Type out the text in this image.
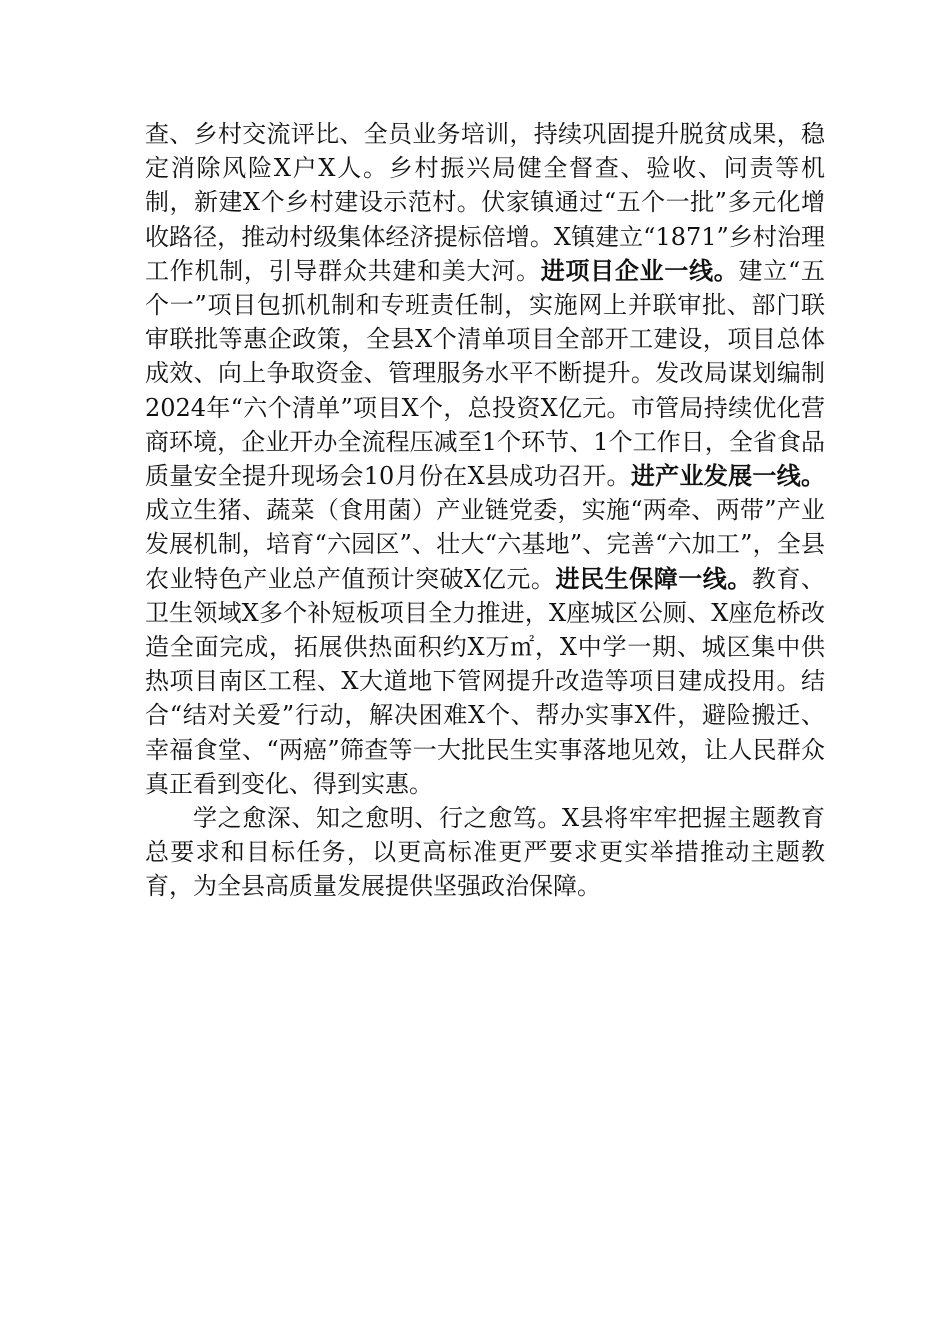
查、乡村交流评比、全员业务培训，持续巩固提升脱贫成果，稳定消除风险X户X人。乡村振兴局健全督查、验收、问责等机制，新建X个乡村建设示范村。伏家镇通过“五个一批”多元化增收路径，推动村级集体经济提标倍增。X镇建立“1871”乡村治理工作机制，引导群众共建和美大河。进项目企业一线。建立“五个一”项目包抓机制和专班责任制，实施网上并联审批、部门联审联批等惠企政策，全县X个清单项目全部开工建设，项目总体成效、向上争取资金、管理服务水平不断提升。发改局谋划编制2024年“六个清单”项目X个，总投资X亿元。市管局持续优化营商环境，企业开办全流程压减至1个环节、1个工作日，全省食品质量安全提升现场会10月份在X县成功召开。进产业发展一线。成立生猪、蔬菜（食用菌）产业链党委，实施“两牵、两带”产业发展机制，培育“六园区”、壮大“六基地”、完善“六加工”，全县农业特色产业总产值预计突破X亿元。进民生保障一线。教育、卫生领域X多个补短板项目全力推进，X座城区公厕、X座危桥改造全面完成，拓展供热面积约X万㎡，X中学一期、城区集中供热项目南区工程、X大道地下管网提升改造等项目建成投用。结合“结对关爱”行动，解决困难X个、帮办实事X件，避险搬迁、幸福食堂、“两癌”筛查等一大批民生实事落地见效，让人民群众真正看到变化、得到实惠。

学之愈深、知之愈明、行之愈笃。X县将牢牢把握主题教育总要求和目标任务，以更高标准更严要求更实举措推动主题教育，为全县高质量发展提供坚强政治保障。
